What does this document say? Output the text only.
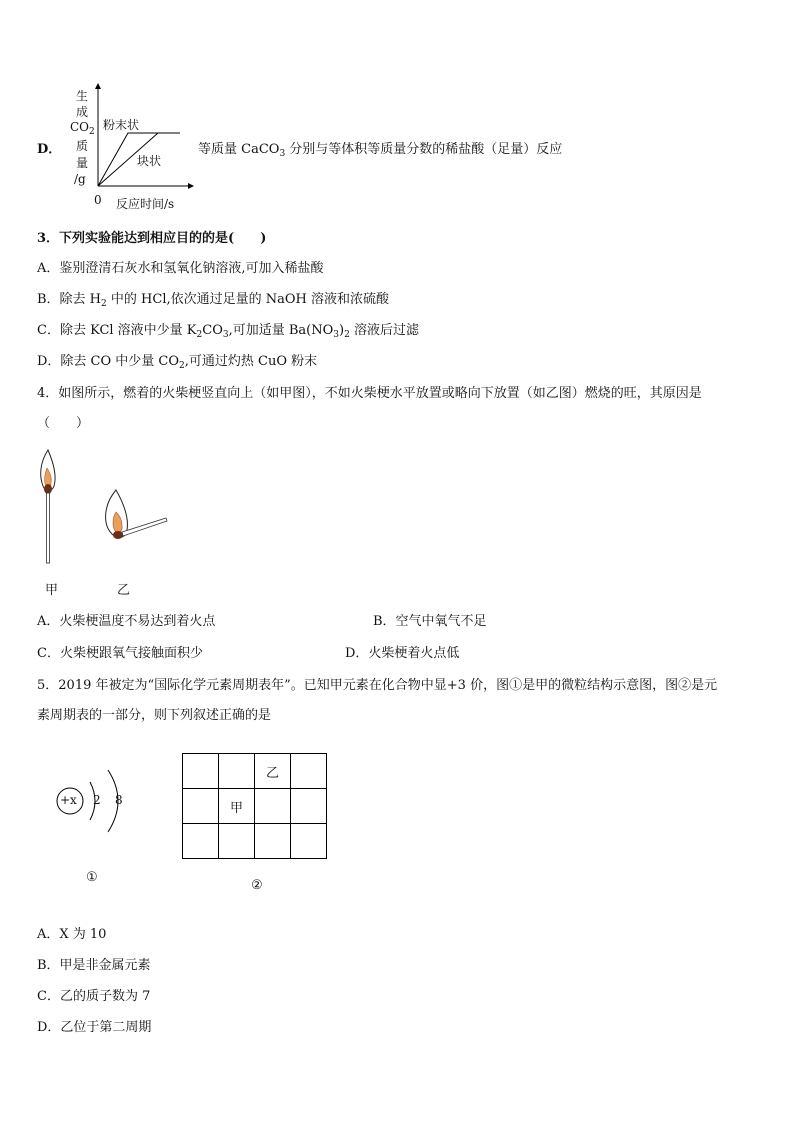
D．
生
成
$CO_2$
质
量
/g
0 反应时间/s
粉末状
块状
等质量 CaCO$_3$ 分别与等体积等质量分数的稀盐酸（足量）反应
3．下列实验能达到相应目的的是(　　)
A．鉴别澄清石灰水和氢氧化钠溶液,可加入稀盐酸
B．除去 $H_2$ 中的 HCl,依次通过足量的 NaOH 溶液和浓硫酸
C．除去 KCl 溶液中少量 $K_2CO_3$,可加适量 $Ba(NO_3)_2$ 溶液后过滤
D．除去 CO 中少量 $CO_2$,可通过灼热 CuO 粉末
4．如图所示，燃着的火柴梗竖直向上（如甲图），不如火柴梗水平放置或略向下放置（如乙图）燃烧的旺，其原因是
（　　）
甲	乙
A．火柴梗温度不易达到着火点	B．空气中氧气不足
C．火柴梗跟氧气接触面积少	D．火柴梗着火点低
5．2019 年被定为“国际化学元素周期表年”。已知甲元素在化合物中显+3 价，图①是甲的微粒结构示意图，图②是元
素周期表的一部分，则下列叙述正确的是
+x 2 8
①
		乙	
	甲		

②
A．X 为 10
B．甲是非金属元素
C．乙的质子数为 7
D．乙位于第二周期
